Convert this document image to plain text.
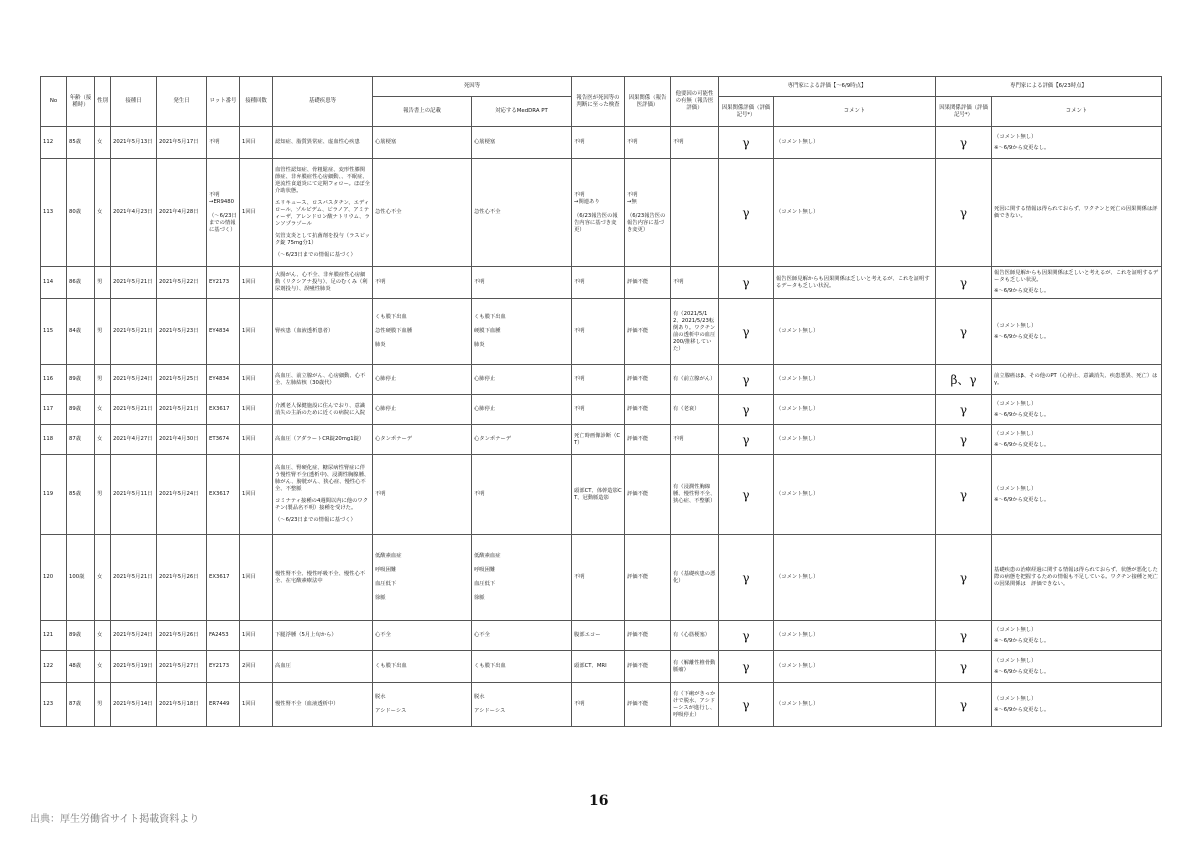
No	年齢（接種時）	性別	接種日	発生日	ロット番号	接種回数	基礎疾患等	死因等		報告医が死因等の判断に至った検査	因果関係（報告医評価）	他要因の可能性の有無（報告医評価）	専門家による評価【～6/9時点】		専門家による評価【6/23時点】	
								報告書上の記載	対応するMedDRA PT				因果関係評価（評価記号*）	コメント	因果関係評価（評価記号*）	コメント
112	85歳	女	2021年5月13日	2021年5月17日	不明	1回目	認知症、脂質異常症、虚血性心疾患	心筋梗塞	心筋梗塞	不明	不明	不明	γ	（コメント無し）	γ	（コメント無し）
※～6/9から変更なし。

113	80歳	女	2021年4月23日	2021年4月28日	不明
→ER9480

（～6/23日までの情報に基づく）	1回目	血管性認知症、骨粗鬆症、変形性膝関節症、非弁膜症性心房細動、、不眠症、逆流性食道炎にて定期フォロー。ほぼ全介助状態。
エリキュース、ロスバスタチン、エディロール、ゾルピデム、ビラノア、アミティーザ、アレンドロン酸ナトリウム、ランソプラゾール
気管支炎として抗菌剤を投与（ラスビック錠 75mg分1）
（～6/23日までの情報に基づく）	急性心不全	急性心不全	不明
→関連あり

（6/23報告医の報告内容に基づき変更）	不明
→無

（6/23報告医の報告内容に基づき変更）		γ	（コメント無し）	γ	死因に関する情報は得られておらず、ワクチンと死亡の因果関係は評価できない。

114	86歳	男	2021年5月21日	2021年5月22日	EY2173	1回目	大腸がん、心不全、非弁膜症性心房細動（リクシアナ投与）、足のむくみ（利尿剤投与）、誤嚥性肺炎	不明	不明	不明	評価不能	不明	γ	報告医師見解からも因果関係は乏しいと考えるが、これを証明するデータも乏しい状況。	γ	報告医師見解からも因果関係は乏しいと考えるが、これを証明するデータも乏しい状況。
※～6/9から変更なし。

115	84歳	男	2021年5月21日	2021年5月23日	EY4834	1回目	腎疾患（血液透析患者）	くも膜下出血
急性硬膜下血腫
肺炎	くも膜下出血
硬膜下血腫
肺炎	不明	評価不能	有（2021/5/12、2021/5/23転倒あり。ワクチン前の透析中の血圧200/推移していた）	γ	（コメント無し）	γ	（コメント無し）
※～6/9から変更なし。

116	89歳	男	2021年5月24日	2021年5月25日	EY4834	1回目	高血圧、前立腺がん、心房細動、心不全、左肺結核（30歳代）	心肺停止	心肺停止	不明	評価不能	有（前立腺がん）	γ	（コメント無し）	β、γ	前立腺癌はβ、その他のPT（心停止、意識消失、疾患悪異、死亡）はγ。

117	89歳	女	2021年5月21日	2021年5月21日	EX3617	1回目	介護老人保健施設に住んでおり、意識消失の主訴のために近くの病院に入院	心肺停止	心肺停止	不明	評価不能	有（老衰）	γ	（コメント無し）	γ	（コメント無し）
※～6/9から変更なし。

118	87歳	女	2021年4月27日	2021年4月30日	ET3674	1回目	高血圧（アダラートCR錠20mg1錠）	心タンポナーデ	心タンポナーデ	死亡時画像診断（CT）	評価不能	不明	γ	（コメント無し）	γ	（コメント無し）
※～6/9から変更なし。

119	85歳	男	2021年5月11日	2021年5月24日	EX3617	1回目	高血圧、腎硬化症、糖尿病性腎症に伴う慢性腎不全(透析中)、浸潤性胸腺腫、肺がん、膀胱がん、狭心症、慢性心不全、不整脈
コミナティ接種の4週間以内に他のワクチン(製品名不明）接種を受けた。
（～6/23日までの情報に基づく）	不明	不明	頭部CT、体幹造影CT、冠動脈造影	評価不能	有（浸潤性胸線腫、慢性腎不全、狭心症、不整脈）	γ	（コメント無し）	γ	（コメント無し）
※～6/9から変更なし。

120	100歳	女	2021年5月21日	2021年5月26日	EX3617	1回目	慢性腎不全、慢性呼吸不全、慢性心不全、在宅酸素療法中	低酸素血症
呼吸困難
血圧低下
徐脈	低酸素血症
呼吸困難
血圧低下
徐脈	不明	評価不能	有（基礎疾患の悪化）	γ	（コメント無し）	γ	基礎疾患の治療経過に関する情報は得られておらず、状態が悪化した際の病態を把握するための情報も不足している。ワクチン接種と死亡の因果関係は　評価できない。

121	89歳	女	2021年5月24日	2021年5月26日	FA2453	1回目	下腿浮腫（5月上旬から）	心不全	心不全	腹部エコー	評価不能	有（心筋梗塞）	γ	（コメント無し）	γ	（コメント無し）
※～6/9から変更なし。

122	48歳	女	2021年5月19日	2021年5月27日	EY2173	2回目	高血圧	くも膜下出血	くも膜下出血	頭部CT、MRI	評価不能	有（解離性椎骨動脈瘤）	γ	（コメント無し）	γ	（コメント無し）
※～6/9から変更なし。

123	87歳	男	2021年5月14日	2021年5月18日	ER7449	1回目	慢性腎不全（血液透析中）	脱水
アシドーシス	脱水
アシドーシス	不明	評価不能	有（下痢がきっかけで脱水、アシドーシスが進行し、呼吸停止）	γ	（コメント無し）	γ	（コメント無し）
※～6/9から変更なし。
16
出典：厚生労働省サイト掲載資料より
